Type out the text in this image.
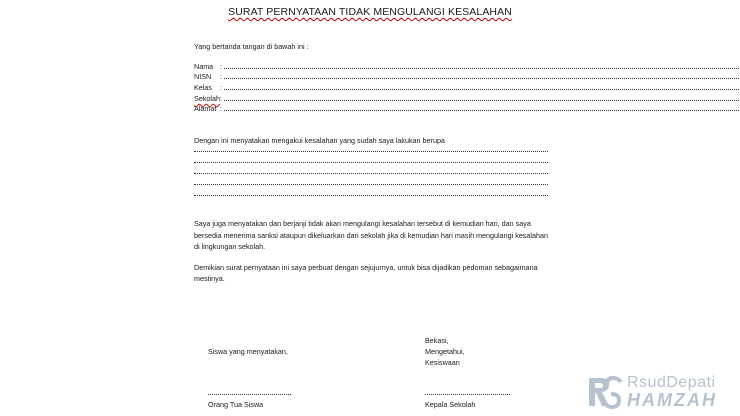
SURAT PERNYATAAN TIDAK MENGULANGI KESALAHAN
Yang bertanda tangan di bawah ini :
Nama :
NISN :
Kelas :
Sekolah :
Alamat :
Dengan ini menyatakan mengakui kesalahan yang sudah saya lakukan berupa
Saya juga menyatakan dan berjanji tidak akan mengulangi kesalahan tersebut di kemudian hari, dan saya
bersedia menerima sanksi ataupun dikeluarkan dari sekolah jika di kemudian hari masih mengulangi kesalahan
di lingkungan sekolah.
Demikian surat pernyataan ini saya perbuat dengan sejujurnya, untuk bisa dijadikan pedoman sebagaimana
mestinya.
Bekasi,
Mengetahui,
Kesiswaan
Siswa yang menyatakan,
Orang Tua Siswa	Kepala Sekolah
RsudDepati
HAMZAH
